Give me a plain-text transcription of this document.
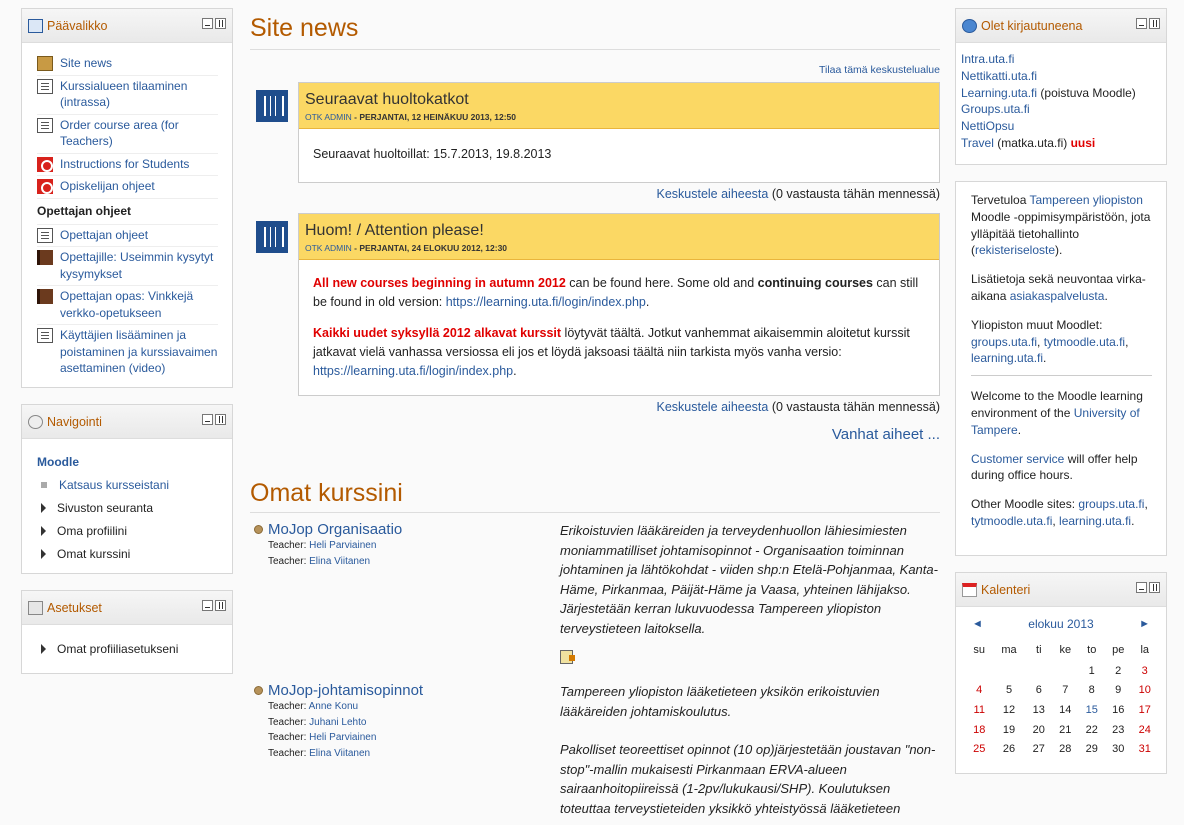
Päävalikko
Site news
Kurssialueen tilaaminen (intrassa)
Order course area (for Teachers)
Instructions for Students
Opiskelijan ohjeet
Opettajan ohjeet
Opettajan ohjeet
Opettajille: Useimmin kysytyt kysymykset
Opettajan opas: Vinkkejä verkko-opetukseen
Käyttäjien lisääminen ja poistaminen ja kurssiavaimen asettaminen (video)
Navigointi
Moodle
Katsaus kursseistani
Sivuston seuranta
Oma profiilini
Omat kurssini
Asetukset
Omat profiiliasetukseni
Site news
Tilaa tämä keskustelualue
Seuraavat huoltokatkot
OTK ADMIN - PERJANTAI, 12 HEINÄKUU 2013, 12:50
Seuraavat huoltoillat: 15.7.2013, 19.8.2013
Keskustele aiheesta (0 vastausta tähän mennessä)
Huom! / Attention please!
OTK ADMIN - PERJANTAI, 24 ELOKUU 2012, 12:30

All new courses beginning in autumn 2012 can be found here. Some old and continuing courses can still be found in old version: https://learning.uta.fi/login/index.php.

Kaikki uudet syksyllä 2012 alkavat kurssit löytyvät täältä. Jotkut vanhemmat aikaisemmin aloitetut kurssit jatkavat vielä vanhassa versiossa eli jos et löydä jaksoasi täältä niin tarkista myös vanha versio: https://learning.uta.fi/login/index.php.

Keskustele aiheesta (0 vastausta tähän mennessä)
Vanhat aiheet ...
Omat kurssini
MoJop Organisaatio
Teacher: Heli Parviainen
Teacher: Elina Viitanen
Erikoistuvien lääkäreiden ja terveydenhuollon lähiesimiesten moniammatilliset johtamisopinnot - Organisaation toiminnan johtaminen ja lähtökohdat - viiden shp:n Etelä-Pohjanmaa, Kanta-Häme, Pirkanmaa, Päijät-Häme ja Vaasa, yhteinen lähijakso. Järjestetään kerran lukuvuodessa Tampereen yliopiston terveystieteen laitoksella.
MoJop-johtamisopinnot
Teacher: Anne Konu
Teacher: Juhani Lehto
Teacher: Heli Parviainen
Teacher: Elina Viitanen
Tampereen yliopiston lääketieteen yksikön erikoistuvien lääkäreiden johtamiskoulutus.
Pakolliset teoreettiset opinnot (10 op)järjestetään joustavan "non-stop"-mallin mukaisesti Pirkanmaan ERVA-alueen sairaanhoitopiireissä (1-2pv/lukukausi/SHP). Koulutuksen toteuttaa terveystieteiden yksikkö yhteistyössä lääketieteen
Olet kirjautuneena
Intra.uta.fi
Nettikatti.uta.fi
Learning.uta.fi (poistuva Moodle)
Groups.uta.fi
NettiOpsu
Travel (matka.uta.fi) uusi

Tervetuloa Tampereen yliopiston Moodle -oppimisympäristöön, jota ylläpitää tietohallinto (rekisteriseloste).

Lisätietoja sekä neuvontaa virka-aikana asiakaspalvelusta.

Yliopiston muut Moodlet: groups.uta.fi, tytmoodle.uta.fi, learning.uta.fi.

Welcome to the Moodle learning environment of the University of Tampere.

Customer service will offer help during office hours.

Other Moodle sites: groups.uta.fi, tytmoodle.uta.fi, learning.uta.fi.

Kalenteri
◄	elokuu 2013	►
su	ma	ti	ke	to	pe	la
				1	2	3
4	5	6	7	8	9	10
11	12	13	14	15	16	17
18	19	20	21	22	23	24
25	26	27	28	29	30	31
